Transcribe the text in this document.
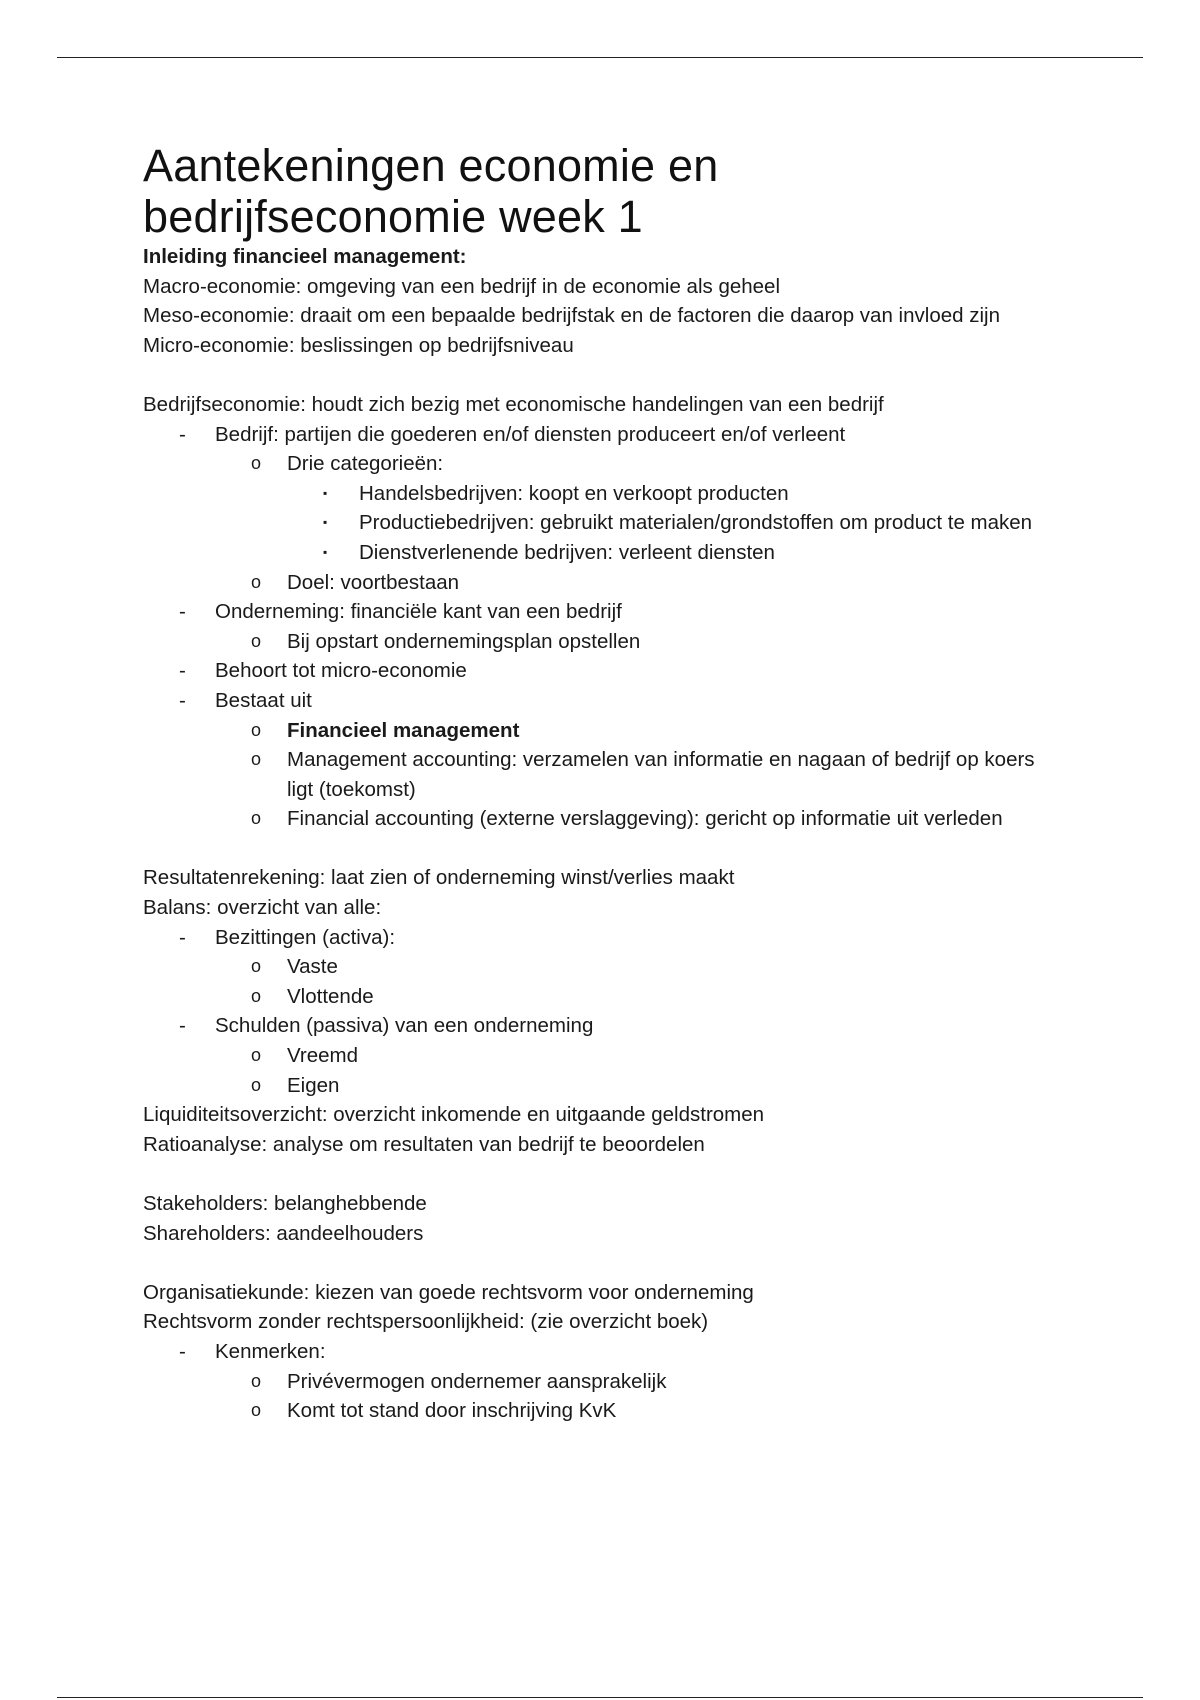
Aantekeningen economie en bedrijfseconomie week 1
Inleiding financieel management:
Macro-economie: omgeving van een bedrijf in de economie als geheel
Meso-economie: draait om een bepaalde bedrijfstak en de factoren die daarop van invloed zijn
Micro-economie: beslissingen op bedrijfsniveau
Bedrijfseconomie: houdt zich bezig met economische handelingen van een bedrijf
-	Bedrijf: partijen die goederen en/of diensten produceert en/of verleent
o	Drie categorieën:
▪	Handelsbedrijven: koopt en verkoopt producten
▪	Productiebedrijven: gebruikt materialen/grondstoffen om product te maken
▪	Dienstverlenende bedrijven: verleent diensten
o	Doel: voortbestaan
-	Onderneming: financiële kant van een bedrijf
o	Bij opstart ondernemingsplan opstellen
-	Behoort tot micro-economie
-	Bestaat uit
o	Financieel management
o	Management accounting: verzamelen van informatie en nagaan of bedrijf op koers ligt (toekomst)
o	Financial accounting (externe verslaggeving): gericht op informatie uit verleden
Resultatenrekening: laat zien of onderneming winst/verlies maakt
Balans: overzicht van alle:
-	Bezittingen (activa):
o	Vaste
o	Vlottende
-	Schulden (passiva) van een onderneming
o	Vreemd
o	Eigen
Liquiditeitsoverzicht: overzicht inkomende en uitgaande geldstromen
Ratioanalyse: analyse om resultaten van bedrijf te beoordelen
Stakeholders: belanghebbende
Shareholders: aandeelhouders
Organisatiekunde: kiezen van goede rechtsvorm voor onderneming
Rechtsvorm zonder rechtspersoonlijkheid: (zie overzicht boek)
-	Kenmerken:
o	Privévermogen ondernemer aansprakelijk
o	Komt tot stand door inschrijving KvK
